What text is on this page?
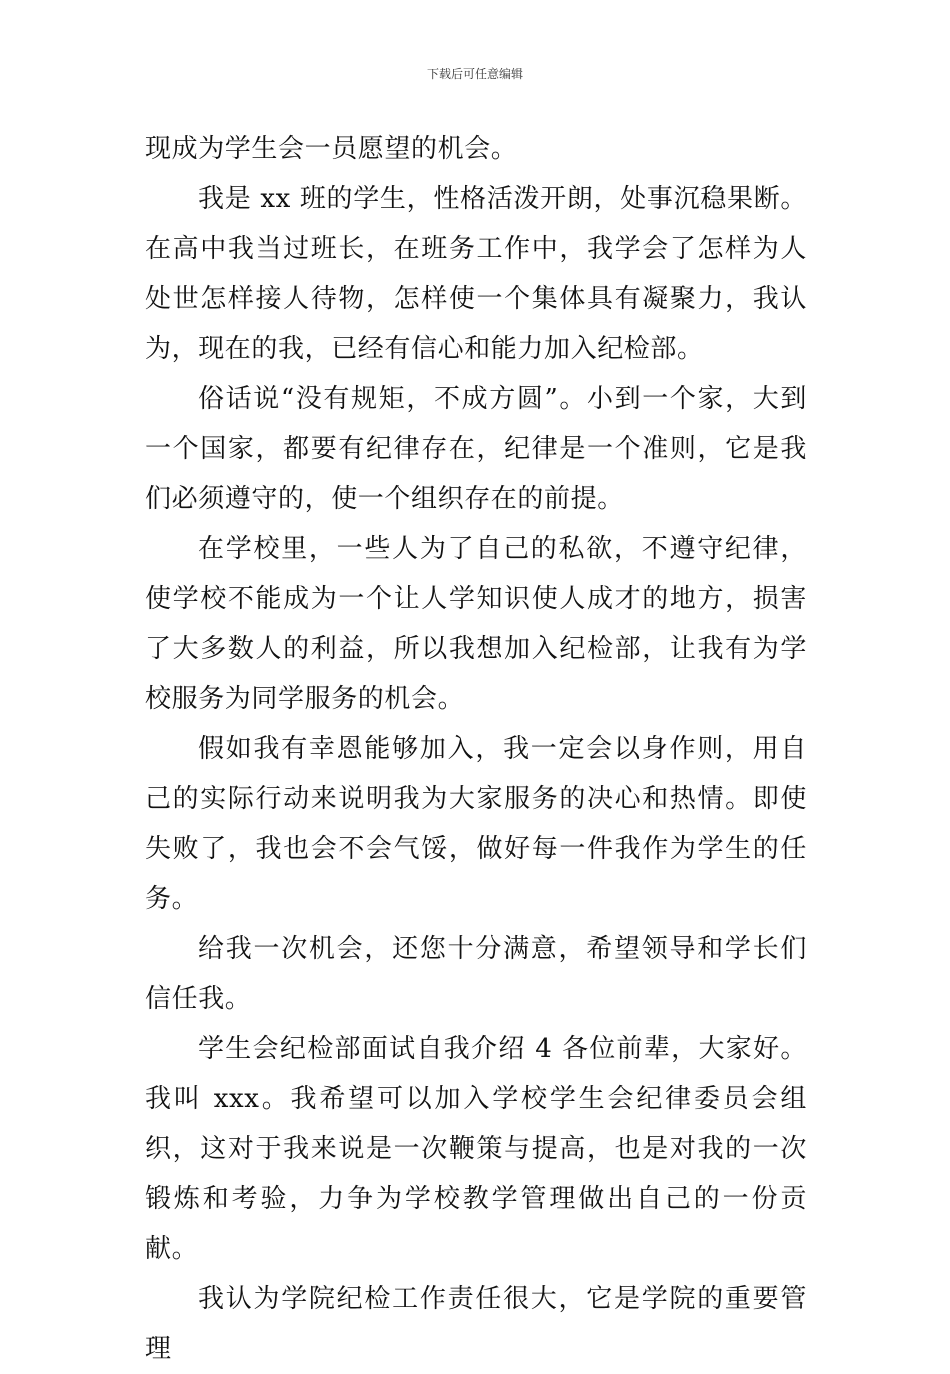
下载后可任意编辑

现成为学生会一员愿望的机会。

我是 xx 班的学生，性格活泼开朗，处事沉稳果断。在高中我当过班长，在班务工作中，我学会了怎样为人处世怎样接人待物，怎样使一个集体具有凝聚力，我认为，现在的我，已经有信心和能力加入纪检部。

俗话说“没有规矩，不成方圆”。小到一个家，大到一个国家，都要有纪律存在，纪律是一个准则，它是我们必须遵守的，使一个组织存在的前提。

在学校里，一些人为了自己的私欲，不遵守纪律，使学校不能成为一个让人学知识使人成才的地方，损害了大多数人的利益，所以我想加入纪检部，让我有为学校服务为同学服务的机会。

假如我有幸恩能够加入，我一定会以身作则，用自己的实际行动来说明我为大家服务的决心和热情。即使失败了，我也会不会气馁，做好每一件我作为学生的任务。

给我一次机会，还您十分满意，希望领导和学长们信任我。

学生会纪检部面试自我介绍 4 各位前辈，大家好。我叫 xxx。我希望可以加入学校学生会纪律委员会组织，这对于我来说是一次鞭策与提高，也是对我的一次锻炼和考验，力争为学校教学管理做出自己的一份贡献。

我认为学院纪检工作责任很大，它是学院的重要管理
